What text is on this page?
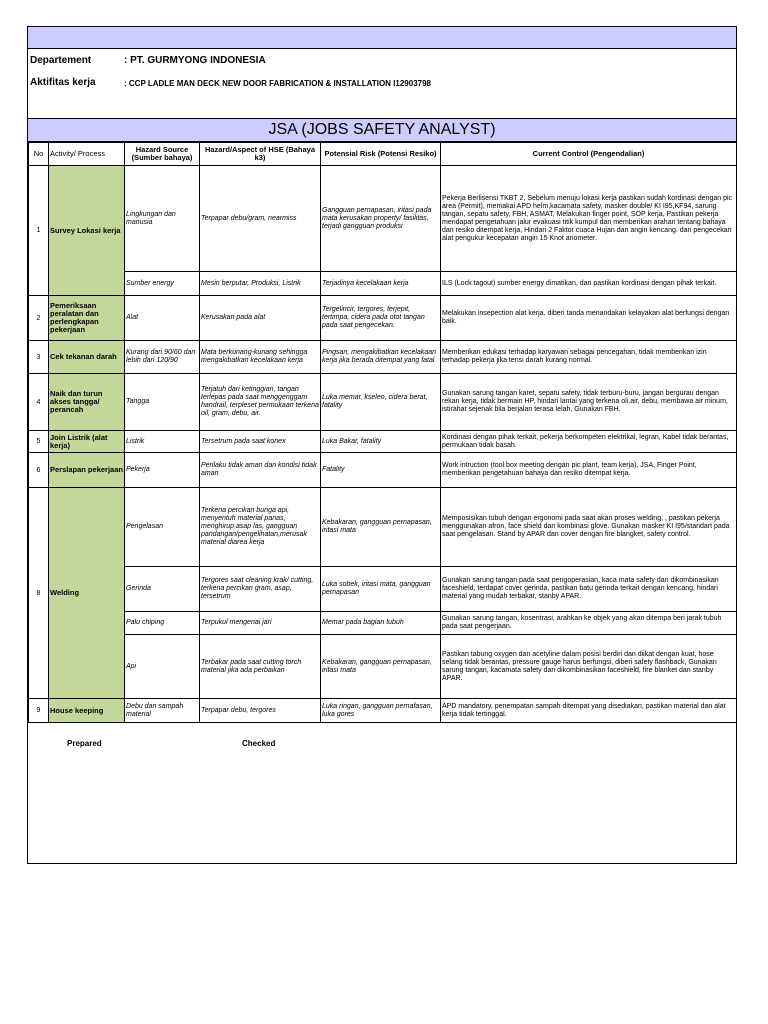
Departement	: PT. GURMYONG INDONESIA
Aktifitas kerja	: CCP LADLE MAN DECK NEW DOOR FABRICATION & INSTALLATION I12903798
JSA (JOBS SAFETY ANALYST)
No	Activity/ Process	Hazard Source (Sumber bahaya)	Hazard/Aspect of HSE (Bahaya k3)	Potensial Risk (Potensi Resiko)	Current Control (Pengendalian)
1	Survey Lokasi kerja	Lingkungan dan manusia	Terpapar debu/gram, nearmiss	Gangguan pernapasan, iritasi pada mata kerusakan property/ fasilitas, terjadi gangguan produksi	Pekerja Berlisensi TKBT 2, Sebelum menuju lokasi kerja pastikan sudah kordinasi dengan pic area (Permit), memakai APD helm,kacamata safety, masker double/ KI I95,KF94, sarung tangan, sepatu safety, FBH, ASMAT, Melakukan finger point, SOP kerja, Pastikan pekerja mendapat pengetahuan jalur evakuasi titik kumpul dan memberikan arahan tentang bahaya dan resiko ditempat kerja, Hindari 2 Faktor cuaca Hujan dan angin kencang. dan pengecekan alat pengukur kecepatan angin 15 Knot anometer.
		Sumber energy	Mesin berputar, Produksi, Listrik	Terjadinya kecelakaan kerja	ILS (Lock tagout) sumber energy dimatikan, dan pastikan kordinasi dengan pihak terkait.
2	Pemeriksaan peralatan dan perlengkapan pekerjaan	Alat	Kerusakan pada alat	Tergelincir, tergores, terjepit, tertimpa, cidera pada otot tangan pada saat pengecekan.	Melakukan insepection alat kerja, diberi tanda menandakan kelayakan alat berfungsi dengan baik.
3	Cek tekanan darah	Kurang dari 90/60 dan lebih dari 120/90	Mata berkunang-kunang sehingga mengakibatkan kecelakaan kerja	Pingsan, mengakibatkan kecelakaan kerja jika berada ditempat yang fatal	Memberikan edukasi terhadap karyawan sebagai pencegahan, tidak memberikan izin terhadap pekerja jika tensi darah kurang normal.
4	Naik dan turun akses tangga/ perancah	Tangga	Terjatuh dari ketinggian, tangan terlepas pada saat menggenggam handrail, terpleset permukaan terkena oil, gram, debu, air.	Luka memar, kseleo, cidera berat, fatality	Gunakan sarung tangan karet, sepatu safety, tidak terburu-buru, jangan bergurau dengan rekan kerja, tidak bermain HP, hindari lantai yang terkena oli,air, debu, membawa air minum, istirahat sejenak bila berjalan terasa lelah, Gunakan FBH.
5	Join Listrik (alat kerja)	Listrik	Tersetrum pada saat konex	Luka Bakar, fatality	Kordinasi dengan pihak terkait, pekerja berkompeten elektrikal, legran, Kabel tidak berantas, permukaan tidak basah.
6	Perslapan pekerjaan	Pekerja	Perilaku tidak aman dan kondisi tidak aman	Fatality	Work intruction (tool box meeting dengan pic plant, team kerja), JSA, Finger Point, memberikan pengetahuan bahaya dan resiko ditempat kerja.
8	Welding	Pengelasan	Terkena percikan bunga api, menyentuh material panas, menghirup asap las, gangguan pandangan/pengelihatan,merusak material diarea kerja	Kebakaran, gangguan pernapasan, iritasi mata	Memposisikan tubuh dengan ergonomi pada saat akan proses welding, , pastikan pekerja menggunakan afron, face shield dan kombinasi glove. Gunakan masker KI I95/standart pada saat pengelasan. Stand by APAR dan cover dengan fire blangket, safety control.
		Gerinda	Tergores saat cleaning krak/ cutting, terkena percikan gram, asap, tersetrum	Luka sobek, iritasi mata, gangguan pernapasan	Gunakan sarung tangan pada saat pengoperasian, kaca mata safety dan dikombinasikan faceshield, terdapat cover gerinda, pastikan batu gerinda terkait dengan kencang, hindari material yang mudah terbakar, stanby APAR.
		Palu chiping	Terpukul mengenai jari	Memar pada bagian tubuh	Gunakan sarung tangan, kosentrasi, arahkan ke objek yang akan ditempa beri jarak tubuh pada saat pengerjaan.
		Api	Terbakar pada saat cutting torch material jika ada perbaikan	Kebakaran, gangguan pernapasan, iritasi mata	Pastikan tabung oxygen dan acetyline dalam posisi berdiri dan diikat dengan kuat, hose selang tidak berantas, pressure gauge harus berfungsi, diberi safety flashback, Gunakan sarung tangan, kacamata safety dan dikombinasikan faceshield, fire blanket dan stanby APAR.
9	House keeping	Debu dan sampah material	Terpapar debu, tergores	Luka ringan, gangguan pernafasan, luka gores	APD mandatory, penempatan sampah ditempat yang disediakan, pastikan material dan alat kerja tidak tertinggal.
Prepared	Checked
